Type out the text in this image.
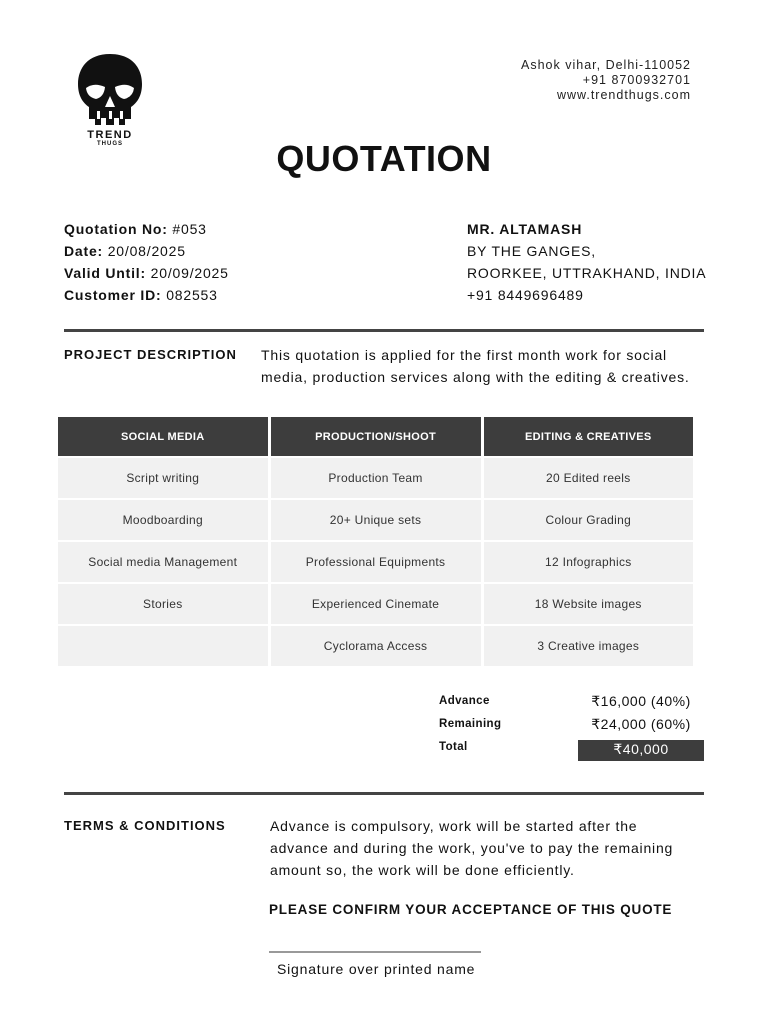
TREND
THUGS
Ashok vihar, Delhi-110052
+91 8700932701
www.trendthugs.com
QUOTATION
Quotation No: #053
Date: 20/08/2025
Valid Until: 20/09/2025
Customer ID: 082553
MR. ALTAMASH
BY THE GANGES,
ROORKEE, UTTRAKHAND, INDIA
+91 8449696489
PROJECT DESCRIPTION This quotation is applied for the first month work for social media, production services along with the editing & creatives.
SOCIAL MEDIA	PRODUCTION/SHOOT	EDITING & CREATIVES
Script writing	Production Team	20 Edited reels
Moodboarding	20+ Unique sets	Colour Grading
Social media Management	Professional Equipments	12 Infographics
Stories	Experienced Cinemate	18 Website images
	Cyclorama Access	3 Creative images
Advance	₹16,000 (40%)
Remaining	₹24,000 (60%)
Total	₹40,000
TERMS & CONDITIONS	Advance is compulsory, work will be started after the advance and during the work, you've to pay the remaining amount so, the work will be done efficiently.
PLEASE CONFIRM YOUR ACCEPTANCE OF THIS QUOTE
Signature over printed name
